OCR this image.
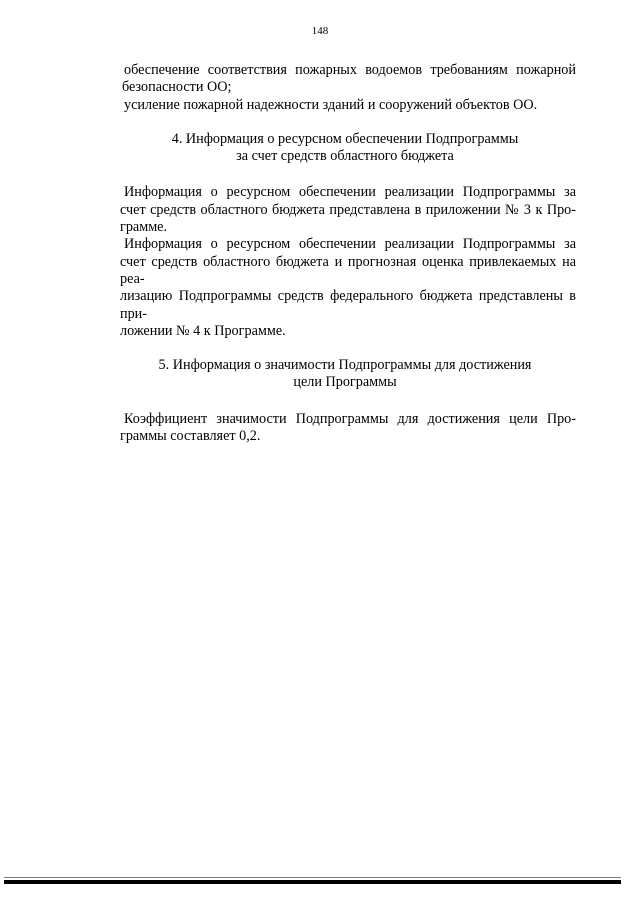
148
обеспечение соответствия пожарных водоемов требованиям пожарной
безопасности ОО;
усиление пожарной надежности зданий и сооружений объектов ОО.

4. Информация о ресурсном обеспечении Подпрограммы
за счет средств областного бюджета

Информация о ресурсном обеспечении реализации Подпрограммы за
счет средств областного бюджета представлена в приложении № 3 к Про-
грамме.
Информация о ресурсном обеспечении реализации Подпрограммы за
счет средств областного бюджета и прогнозная оценка привлекаемых на реа-
лизацию Подпрограммы средств федерального бюджета представлены в при-
ложении № 4 к Программе.

5. Информация о значимости Подпрограммы для достижения
цели Программы

Коэффициент значимости Подпрограммы для достижения цели Про-
граммы составляет 0,2.
